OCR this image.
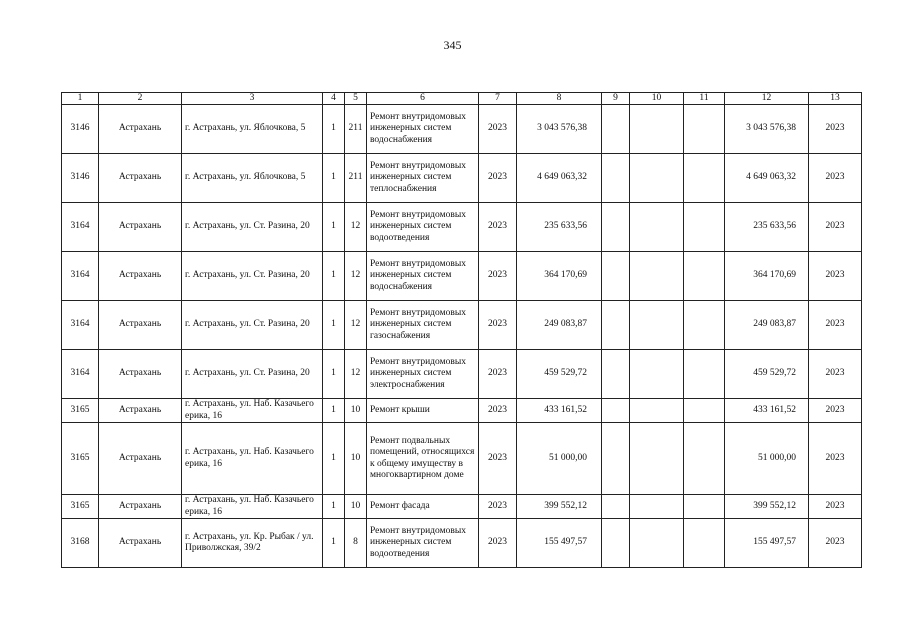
345
1	2	3	4	5	6	7	8	9	10	11	12	13
3146	Астрахань	г. Астрахань, ул. Яблочкова, 5	1	211	Ремонт внутридомовых инженерных систем водоснабжения	2023	3 043 576,38				3 043 576,38	2023
3146	Астрахань	г. Астрахань, ул. Яблочкова, 5	1	211	Ремонт внутридомовых инженерных систем теплоснабжения	2023	4 649 063,32				4 649 063,32	2023
3164	Астрахань	г. Астрахань, ул. Ст. Разина, 20	1	12	Ремонт внутридомовых инженерных систем водоотведения	2023	235 633,56				235 633,56	2023
3164	Астрахань	г. Астрахань, ул. Ст. Разина, 20	1	12	Ремонт внутридомовых инженерных систем водоснабжения	2023	364 170,69				364 170,69	2023
3164	Астрахань	г. Астрахань, ул. Ст. Разина, 20	1	12	Ремонт внутридомовых инженерных систем газоснабжения	2023	249 083,87				249 083,87	2023
3164	Астрахань	г. Астрахань, ул. Ст. Разина, 20	1	12	Ремонт внутридомовых инженерных систем электроснабжения	2023	459 529,72				459 529,72	2023
3165	Астрахань	г. Астрахань, ул. Наб. Казачьего ерика, 16	1	10	Ремонт крыши	2023	433 161,52				433 161,52	2023
3165	Астрахань	г. Астрахань, ул. Наб. Казачьего ерика, 16	1	10	Ремонт подвальных помещений, относящихся к общему имуществу в многоквартирном доме	2023	51 000,00				51 000,00	2023
3165	Астрахань	г. Астрахань, ул. Наб. Казачьего ерика, 16	1	10	Ремонт фасада	2023	399 552,12				399 552,12	2023
3168	Астрахань	г. Астрахань, ул. Кр. Рыбак / ул. Приволжская, 39/2	1	8	Ремонт внутридомовых инженерных систем водоотведения	2023	155 497,57				155 497,57	2023
